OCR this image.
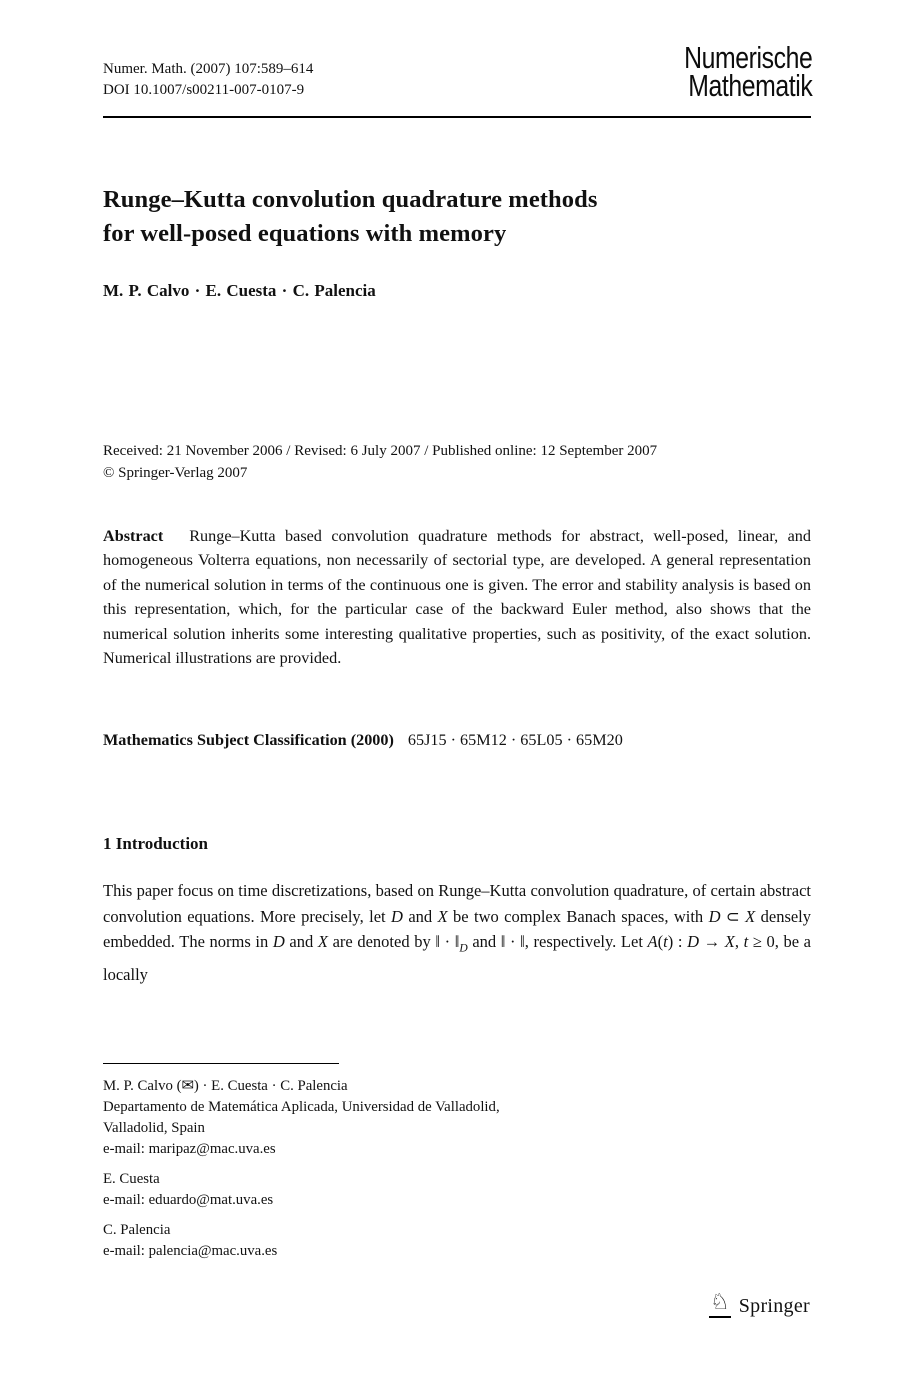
Numer. Math. (2007) 107:589–614
DOI 10.1007/s00211-007-0107-9
Numerische
Mathematik
Runge–Kutta convolution quadrature methods
for well-posed equations with memory
M. P. Calvo · E. Cuesta · C. Palencia
Received: 21 November 2006 / Revised: 6 July 2007 / Published online: 12 September 2007
© Springer-Verlag 2007
Abstract Runge–Kutta based convolution quadrature methods for abstract, well-posed, linear, and homogeneous Volterra equations, non necessarily of sectorial type, are developed. A general representation of the numerical solution in terms of the continuous one is given. The error and stability analysis is based on this representation, which, for the particular case of the backward Euler method, also shows that the numerical solution inherits some interesting qualitative properties, such as positivity, of the exact solution. Numerical illustrations are provided.
Mathematics Subject Classification (2000) 65J15 · 65M12 · 65L05 · 65M20
1 Introduction
This paper focus on time discretizations, based on Runge–Kutta convolution quadrature, of certain abstract convolution equations. More precisely, let D and X be two complex Banach spaces, with D ⊂ X densely embedded. The norms in D and X are denoted by ‖ · $‖_D$ and ‖ · ‖, respectively. Let A(t) : D → X, t ≥ 0, be a locally
M. P. Calvo (✉) · E. Cuesta · C. Palencia
Departamento de Matemática Aplicada, Universidad de Valladolid,
Valladolid, Spain
e-mail: maripaz@mac.uva.es
E. Cuesta
e-mail: eduardo@mat.uva.es
C. Palencia
e-mail: palencia@mac.uva.es
♘ Springer
